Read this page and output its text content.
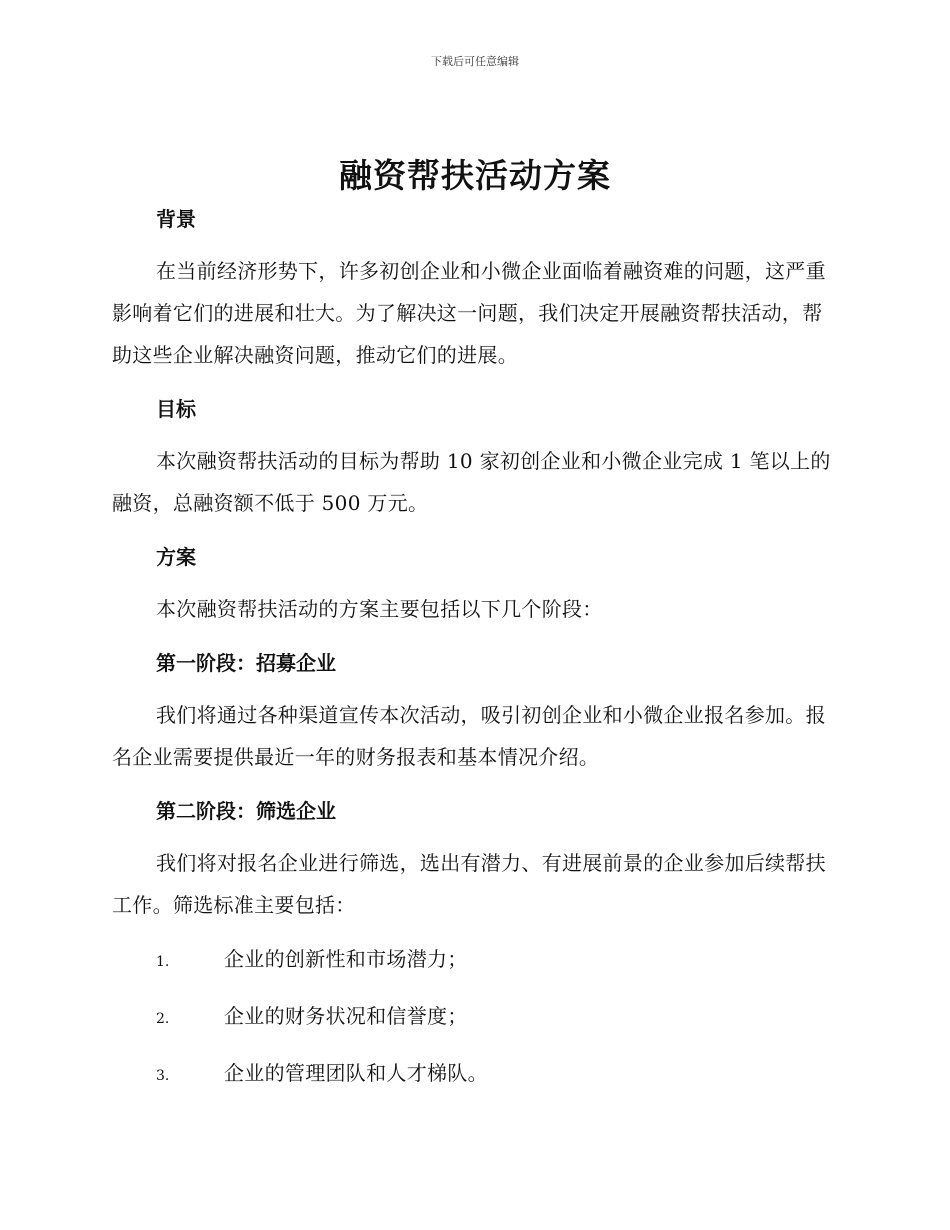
下载后可任意编辑
融资帮扶活动方案
背景

在当前经济形势下，许多初创企业和小微企业面临着融资难的问题，这严重影响着它们的进展和壮大。为了解决这一问题，我们决定开展融资帮扶活动，帮助这些企业解决融资问题，推动它们的进展。

目标

本次融资帮扶活动的目标为帮助 10 家初创企业和小微企业完成 1 笔以上的融资，总融资额不低于 500 万元。

方案

本次融资帮扶活动的方案主要包括以下几个阶段：

第一阶段：招募企业

我们将通过各种渠道宣传本次活动，吸引初创企业和小微企业报名参加。报名企业需要提供最近一年的财务报表和基本情况介绍。

第二阶段：筛选企业

我们将对报名企业进行筛选，选出有潜力、有进展前景的企业参加后续帮扶工作。筛选标准主要包括：

1.	企业的创新性和市场潜力；
2.	企业的财务状况和信誉度；
3.	企业的管理团队和人才梯队。
